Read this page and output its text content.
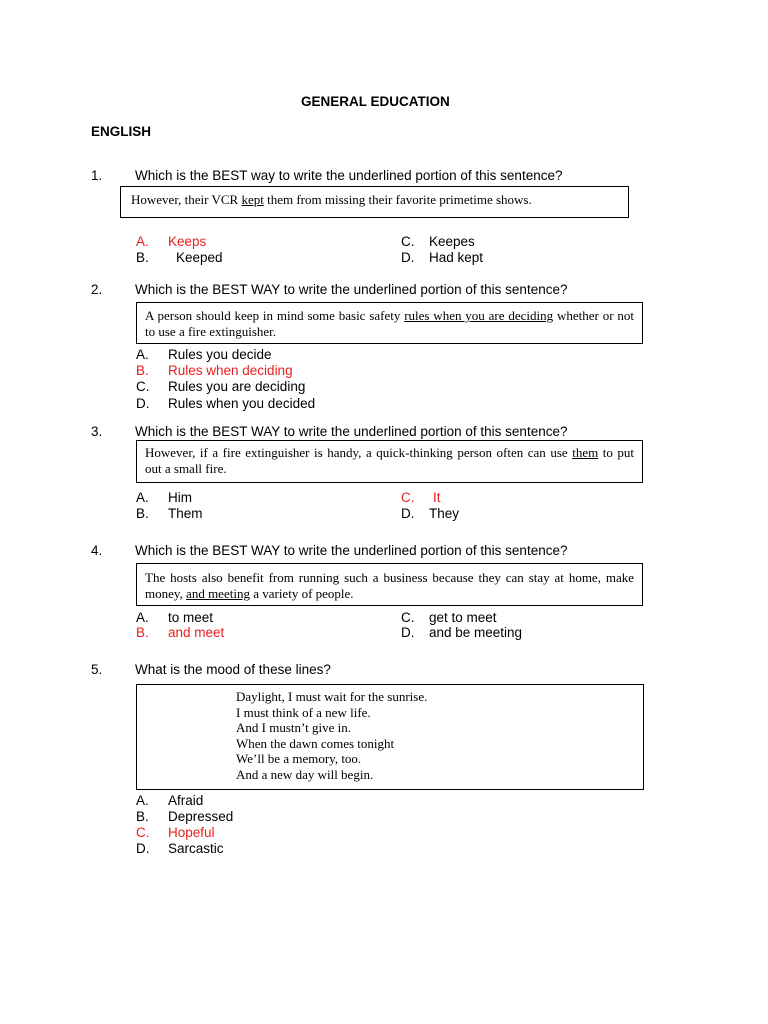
GENERAL EDUCATION
ENGLISH
1. Which is the BEST way to write the underlined portion of this sentence?
However, their VCR kept them from missing their favorite primetime shows.
A. Keeps
B. Keeped
C. Keepes
D. Had kept
2. Which is the BEST WAY to write the underlined portion of this sentence?
A person should keep in mind some basic safety rules when you are deciding whether or not to use a fire extinguisher.
A. Rules you decide
B. Rules when deciding
C. Rules you are deciding
D. Rules when you decided
3. Which is the BEST WAY to write the underlined portion of this sentence?
However, if a fire extinguisher is handy, a quick-thinking person often can use them to put out a small fire.
A. Him
B. Them
C. It
D. They
4. Which is the BEST WAY to write the underlined portion of this sentence?
The hosts also benefit from running such a business because they can stay at home, make money, and meeting a variety of people.
A. to meet
B. and meet
C. get to meet
D. and be meeting
5. What is the mood of these lines?
Daylight, I must wait for the sunrise.
I must think of a new life.
And I mustn’t give in.
When the dawn comes tonight
We’ll be a memory, too.
And a new day will begin.
A. Afraid
B. Depressed
C. Hopeful
D. Sarcastic
